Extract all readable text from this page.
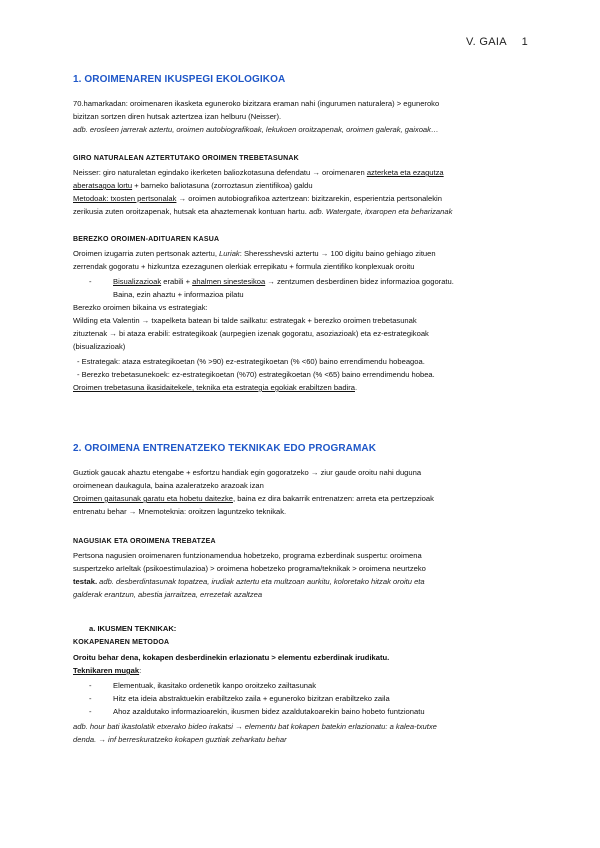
V. GAIA 1
1. OROIMENAREN IKUSPEGI EKOLOGIKOA
70.hamarkadan: oroimenaren ikasketa eguneroko bizitzara eraman nahi (ingurumen naturalera) > eguneroko
bizitzan sortzen diren hutsak aztertzea izan helburu (Neisser).
adb. erosleen jarrerak aztertu, oroimen autobiografikoak, lekukoen oroitzapenak, oroimen galerak, gaixoak…
GIRO NATURALEAN AZTERTUTAKO OROIMEN TREBETASUNAK
Neisser: giro naturaletan egindako ikerketen baliozkotasuna defendatu → oroimenaren azterketa eta ezagutza
aberatsagoa lortu + barneko baliotasuna (zorroztasun zientifikoa) galdu
Metodoak: txosten pertsonalak → oroimen autobiografikoa aztertzean: bizitzarekin, esperientzia pertsonalekin
zerikusia zuten oroitzapenak, hutsak eta ahaztemenak kontuan hartu. adb. Watergate, itxaropen eta beharizanak
BEREZKO OROIMEN-ADITUAREN KASUA
Oroimen izugarria zuten pertsonak aztertu, Luriak: Sheresshevski aztertu → 100 digitu baino gehiago zituen
zerrendak gogoratu + hizkuntza ezezagunen olerkiak errepikatu + formula zientifiko konplexuak oroitu
-	Bisualizazioak erabili + ahalmen sinestesikoa → zentzumen desberdinen bidez informazioa gogoratu.
Baina, ezin ahaztu + informazioa pilatu
Berezko oroimen bikaina vs estrategiak:
Wilding eta Valentin → txapelketa batean bi talde sailkatu: estrategak + berezko oroimen trebetasunak
zituztenak → bi ataza erabili: estrategikoak (aurpegien izenak gogoratu, asoziazioak) eta ez-estrategikoak
(bisualizazioak)
- Estrategak: ataza estrategikoetan (% >90) ez-estrategikoetan (% <60) baino errendimendu hobeagoa.
- Berezko trebetasunekoek: ez-estrategikoetan (%70) estrategikoetan (% <65) baino errendimendu hobea.
Oroimen trebetasuna ikasidaitekele, teknika eta estrategia egokiak erabiltzen badira.
2. OROIMENA ENTRENATZEKO TEKNIKAK EDO PROGRAMAK
Guztiok gaucak ahaztu etengabe + esfortzu handiak egin gogoratzeko → ziur gaude oroitu nahi duguna
oroimenean daukaguIa, baina azaleratzeko arazoak izan
Oroimen gaitasunak garatu eta hobetu daitezke, baina ez dira bakarrik entrenatzen: arreta eta pertzepzioak
entrenatu behar → Mnemoteknia: oroitzen laguntzeko teknikak.
NAGUSIAK ETA OROIMENA TREBATZEA
Pertsona nagusien oroimenaren funtzionamendua hobetzeko, programa ezberdinak suspertu: oroimena
suspertzeko arIeltak (psikoestimulazioa) > oroimena hobetzeko programa/teknikak > oroimena neurtzeko
testak. adb. desberdintasunak topatzea, irudiak aztertu eta multzoan aurkitu, koloretako hitzak oroitu eta
galderak erantzun, abestia jarraitzea, errezetak azaltzea
a. IKUSMEN TEKNIKAK:
KOKAPENAREN METODOA
Oroitu behar dena, kokapen desberdinekin erlazionatu > elementu ezberdinak irudikatu.
Teknikaren mugak:
-	Elementuak, ikasitako ordenetik kanpo oroitzeko zailtasunak
-	Hitz eta ideia abstraktuekin erabiltzeko zaila + eguneroko bizitzan erabiltzeko zaila
-	Ahoz azaldutako informazioarekin, ikusmen bidez azaldutakoarekin baino hobeto funtzionatu
adb. hour bati ikastolatik etxerako bideo irakatsi → elementu bat kokapen batekin erlazionatu: a kalea-txutxe
denda. → inf berreskuratzeko kokapen guztiak zeharkatu behar
